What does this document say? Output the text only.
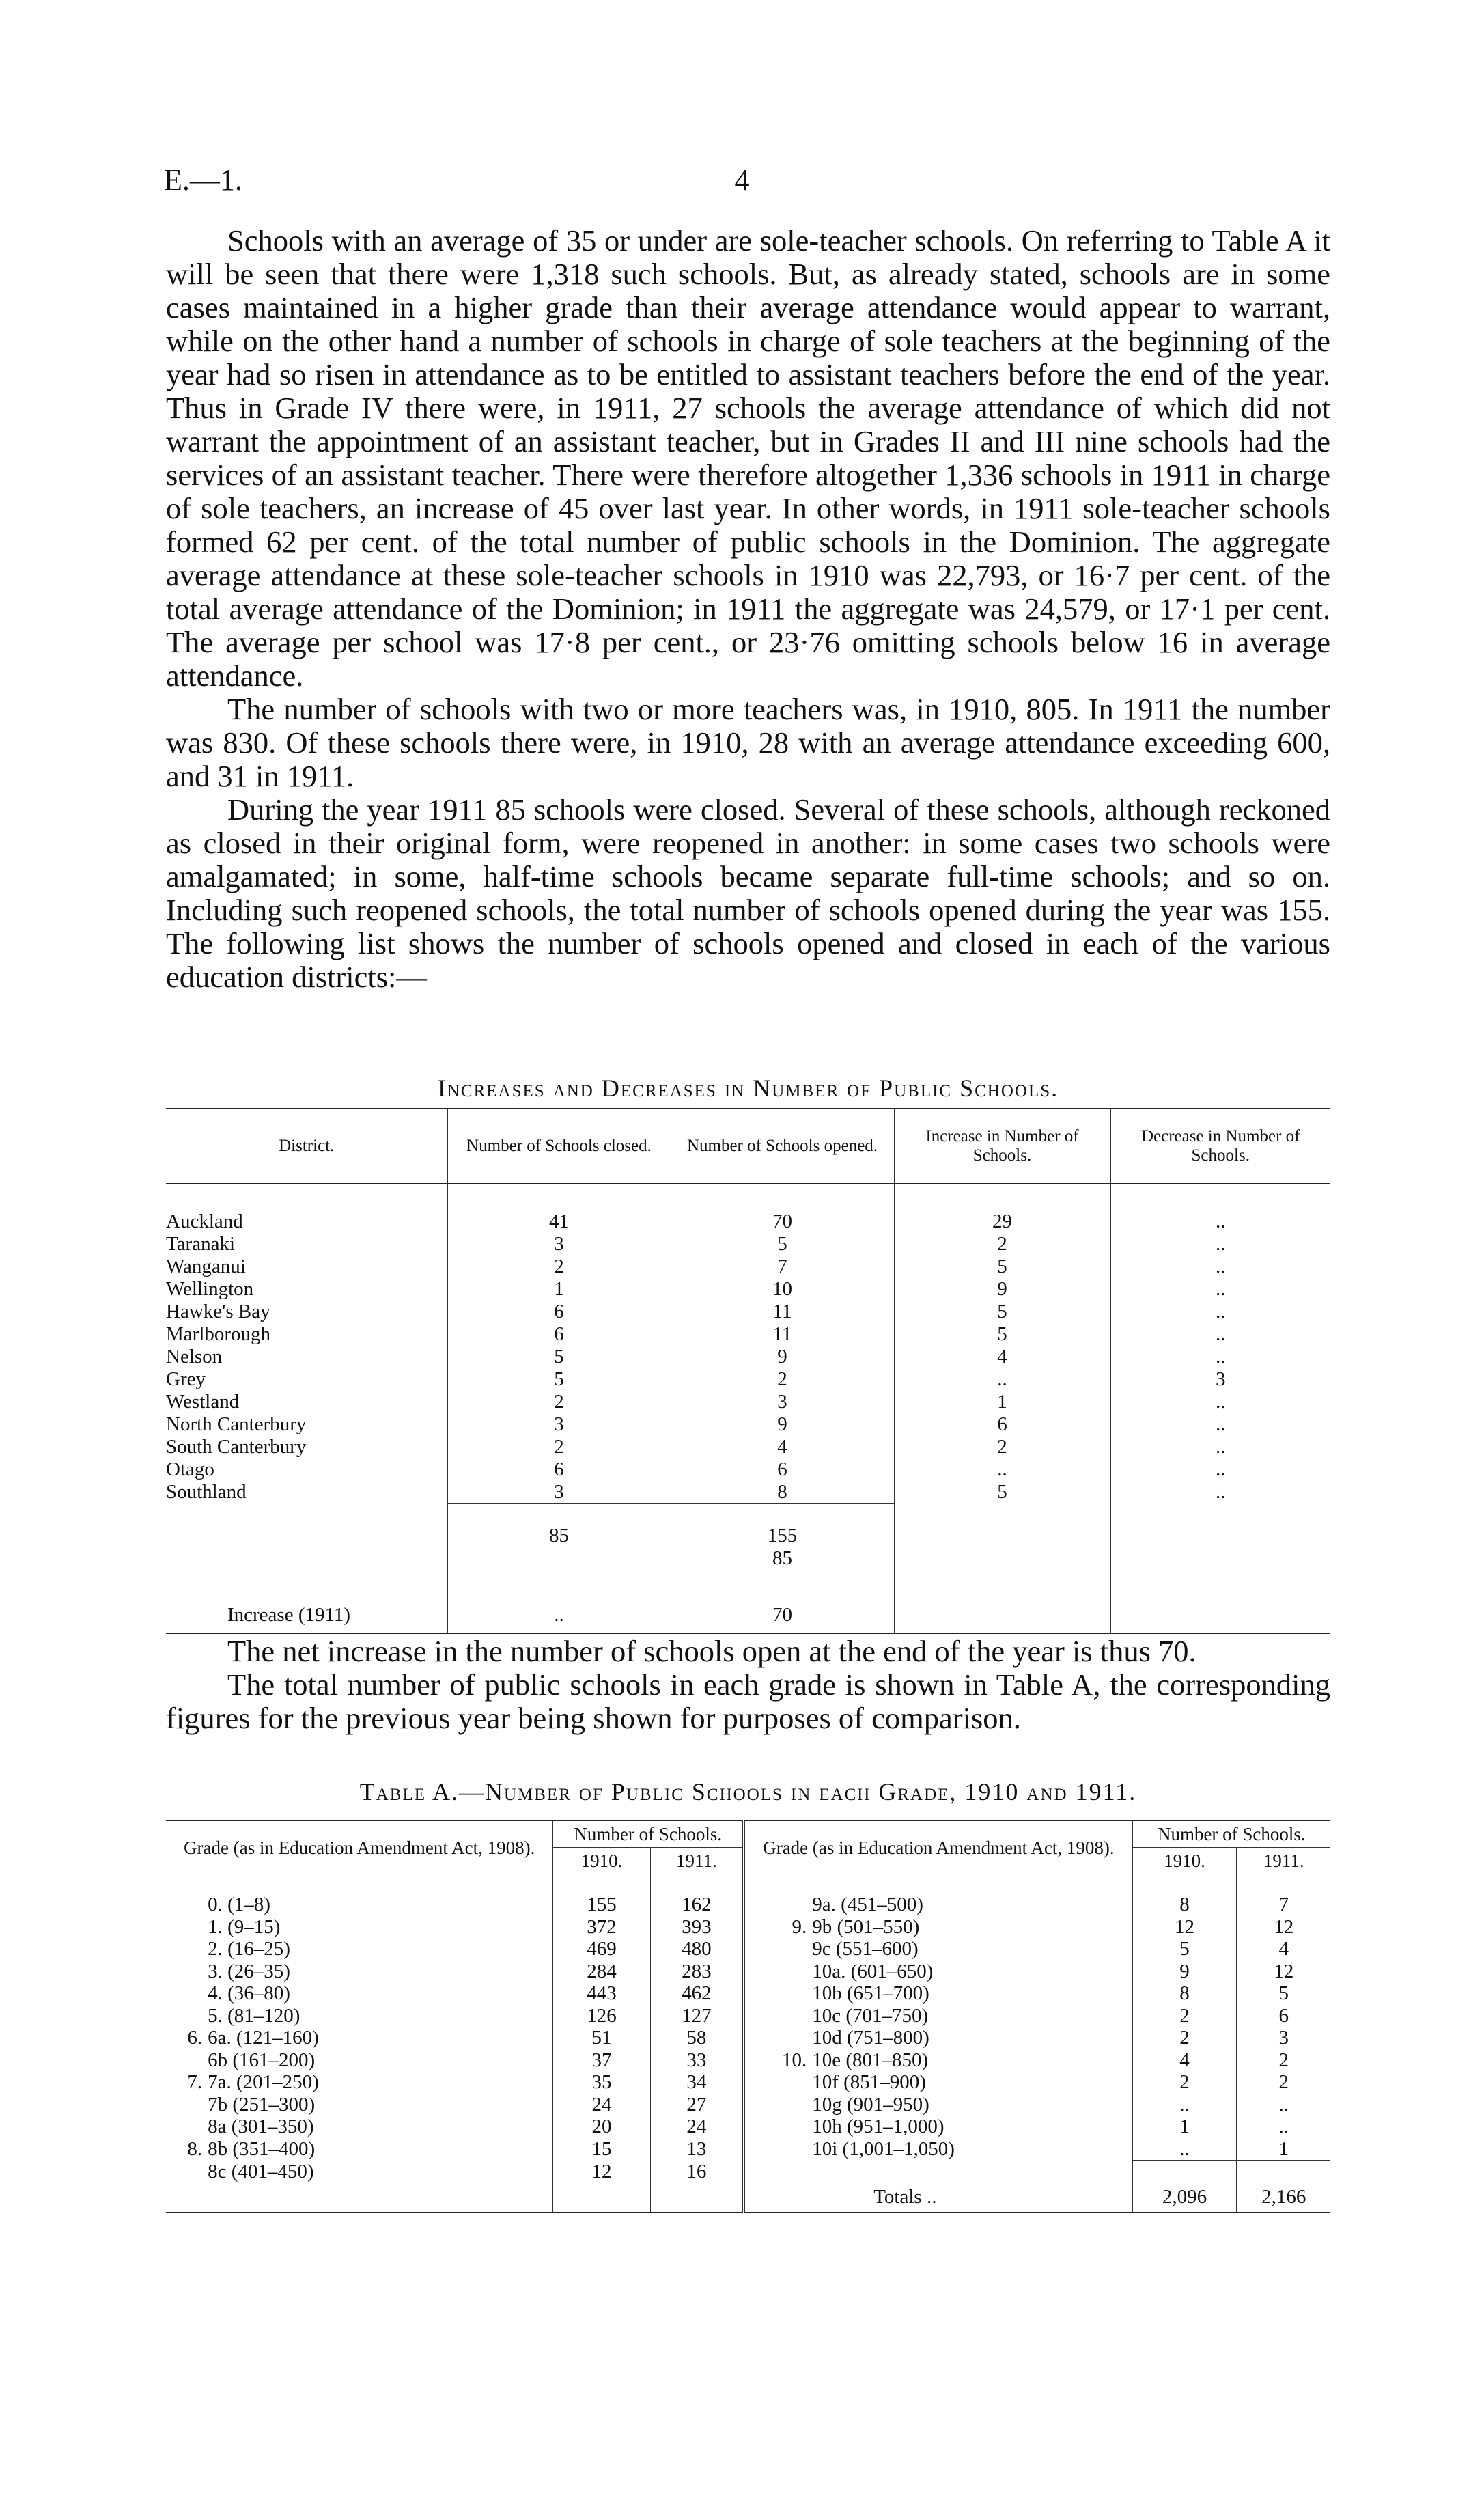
E.—1.	4

Schools with an average of 35 or under are sole-teacher schools. On referring to Table A it will be seen that there were 1,318 such schools. But, as already stated, schools are in some cases maintained in a higher grade than their average attendance would appear to warrant, while on the other hand a number of schools in charge of sole teachers at the beginning of the year had so risen in attendance as to be entitled to assistant teachers before the end of the year. Thus in Grade IV there were, in 1911, 27 schools the average attendance of which did not warrant the appointment of an assistant teacher, but in Grades II and III nine schools had the services of an assistant teacher. There were therefore altogether 1,336 schools in 1911 in charge of sole teachers, an increase of 45 over last year. In other words, in 1911 sole-teacher schools formed 62 per cent. of the total number of public schools in the Dominion. The aggregate average attendance at these sole-teacher schools in 1910 was 22,793, or 16·7 per cent. of the total average attendance of the Dominion; in 1911 the aggregate was 24,579, or 17·1 per cent. The average per school was 17·8 per cent., or 23·76 omitting schools below 16 in average attendance.

The number of schools with two or more teachers was, in 1910, 805. In 1911 the number was 830. Of these schools there were, in 1910, 28 with an average attendance exceeding 600, and 31 in 1911.

During the year 1911 85 schools were closed. Several of these schools, although reckoned as closed in their original form, were reopened in another: in some cases two schools were amalgamated; in some, half-time schools became separate full-time schools; and so on. Including such reopened schools, the total number of schools opened during the year was 155. The following list shows the number of schools opened and closed in each of the various education districts:—

Increases and Decreases in Number of Public Schools.
District.	Number of Schools closed.	Number of Schools opened.	Increase in Number of Schools.	Decrease in Number of Schools.

Auckland	41	70	29	..
Taranaki	3	5	2	..
Wanganui	2	7	5	..
Wellington	1	10	9	..
Hawke's Bay	6	11	5	..
Marlborough	6	11	5	..
Nelson	5	9	4	..
Grey	5	2	..	3
Westland	2	3	1	..
North Canterbury	3	9	6	..
South Canterbury	2	4	2	..
Otago	6	6	..	..
Southland	3	8	5	..
	85	155		
		85		

Increase (1911)	..	70		

The net increase in the number of schools open at the end of the year is thus 70.

The total number of public schools in each grade is shown in Table A, the corresponding figures for the previous year being shown for purposes of comparison.

Table A.—Number of Public Schools in each Grade, 1910 and 1911.
Grade (as in Education Amendment Act, 1908).		Number of Schools.		Grade (as in Education Amendment Act, 1908).		Number of Schools.	
		1910.	1911.			1910.	1911.

	0. (1–8)	155	162		9a. (451–500)	8	7
	1. (9–15)	372	393	9.	9b (501–550)	12	12
	2. (16–25)	469	480		9c (551–600)	5	4
	3. (26–35)	284	283		10a. (601–650)	9	12
	4. (36–80)	443	462		10b (651–700)	8	5
	5. (81–120)	126	127		10c (701–750)	2	6
6.	6a. (121–160)	51	58		10d (751–800)	2	3
	6b (161–200)	37	33	10.	10e (801–850)	4	2
7.	7a. (201–250)	35	34		10f (851–900)	2	2
	7b (251–300)	24	27		10g (901–950)	..	..
	8a (301–350)	20	24		10h (951–1,000)	1	..
8.	8b (351–400)	15	13		10i (1,001–1,050)	..	1
	8c (401–450)	12	16				
					Totals ..	2,096	2,166
